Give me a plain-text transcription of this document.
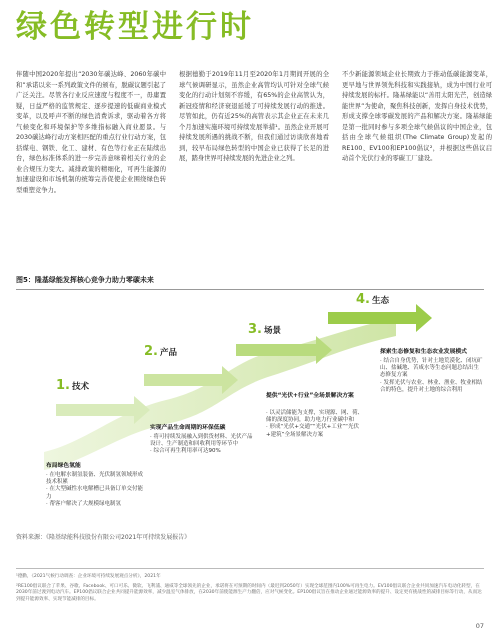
绿色转型进行时

伴随中国2020年提出“2030年碳达峰、2060年碳中和”承诺以来一系列政策文件的颁布，脱碳议题引起了广泛关注。尽管各行业反应速度与程度不一，毋庸置疑，日益严格的监管规定、逐步提速的低碳商业模式变革，以及呼声不断的绿色消费诉求，驱动着各方将气候变化和环境保护等多维指标融入商业愿景。与2030碳达峰行动方案相匹配的重点行业行动方案，包括煤电、钢铁、化工、建材、有色等行业正在陆续出台，绿色标准体系的进一步完善意味着相关行业的企业合规压力变大。减排政策的精细化，可再生能源的加速建设和市场机制的统筹完善促使企业围绕绿色转型重塑竞争力。

根据德勤于2019年11月至2020年1月期间开展的全球气候调研显示，虽然企业高管均认可针对全球气候变化的行动计划刻不容缓，有65%的企业高管认为，新冠疫情和经济衰退延缓了可持续发展行动的推进。尽管如此，仍有近25%的高管表示其企业正在未来几个月加速实施环境可持续发展举措¹。虽然企业开展可持续发展所遇的挑战不断，但我们通过访谈欣喜地看到，较早布局绿色转型的中国企业已获得了长足的进展，踏身世界可持续发展的先进企业之列。

不少新能源领域企业长期致力于推动低碳能源变革，更早地与世界领先科技和实践接轨，成为中国行业可持续发展的标杆。隆基绿能以“善用太阳光芒，创造绿能世界”为使命，聚焦科技创新，发挥自身技术优势，形成支撑全球零碳发展的产品和解决方案。隆基绿能是第一批同时参与多项全球气候倡议的中国企业，包括由全球气候组织(The Climate Group)发起的RE100、EV100和EP100倡议²，并根据这些倡议启动首个光伏行业的零碳工厂建设。

图5：隆基绿能发挥核心竞争力助力零碳未来

1. 技术
2. 产品
3. 场景
4. 生态
布局绿色氢能
· 在电解水制氢装备、光伏制氢领域形成技术积累
· 在大型碱性水电解槽已具备订单交付能力
· 帮客户解决了大规模绿电制氢
实现产品生命周期的环保低碳
· 将可持续发展融入到供货材料、光伏产品设计、生产制造和回收利用等环节中
· 综合可再生利用率可达90%
提供“光伏+行业”全场景解决方案
· 以灵活储能为支撑，实现源、网、荷、储的深度协同，助力电力行业碳中和
· 形成“光伏+交通”“光伏+工业”“光伏+建筑”全场景解决方案
探索生态修复和生态农业发展模式
· 结合自身优势，针对土地荒漠化、闭坑矿山、盐碱地、苦咸水等生态问题总结出生态修复方案
· 发挥光伏与农业、林业、渔业、牧业相结合的特色，提升对土地的综合利用

资料来源：《隆基绿能科技股份有限公司2021年可持续发展报告》

¹德勤，《2021气候行动调查：企业环境可持续发展观点分析》，2021年

²RE100倡议联合了苹果、谷歌、Facebook、可口可乐、微软、飞利浦、通威等全球领先的企业，承诺将在可预期的时间内（最迟到2050年）实现全球范围内100%可再生电力。EV100倡议联合企业共同加速汽车电动化转型，在2030年前过渡到电动汽车。EP100倡议联合企业共同提升能源效率，减少温室气体排放，在2030年前使能源生产力翻倍，应对气候变化。EP100倡议旨在推动企业通过能源效率的提升、设定更有挑战性的减排目标等行动，从而达到提升能源效率、实现节能减排的目标。

07
